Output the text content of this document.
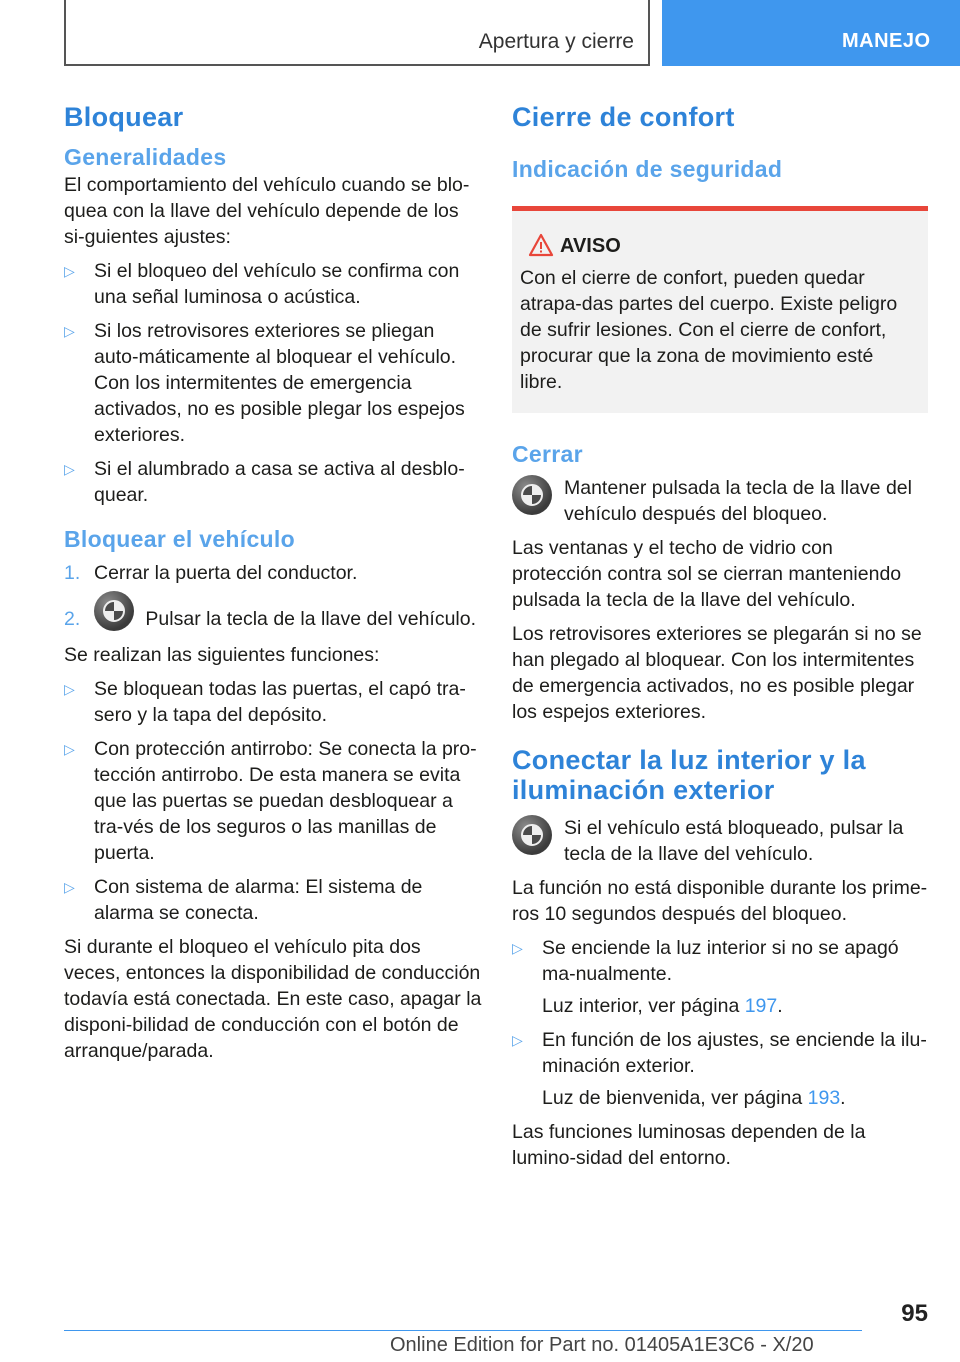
Apertura y cierre	MANEJO
Bloquear
Generalidades

El comportamiento del vehículo cuando se blo-quea con la llave del vehículo depende de los si-guientes ajustes:

▷ Si el bloqueo del vehículo se confirma con una señal luminosa o acústica.
▷ Si los retrovisores exteriores se pliegan auto-máticamente al bloquear el vehículo. Con los intermitentes de emergencia activados, no es posible plegar los espejos exteriores.
▷ Si el alumbrado a casa se activa al desblo-quear.
Bloquear el vehículo
1. Cerrar la puerta del conductor.
2.	Pulsar la tecla de la llave del vehículo.

Se realizan las siguientes funciones:

▷ Se bloquean todas las puertas, el capó tra-sero y la tapa del depósito.
▷ Con protección antirrobo: Se conecta la pro-tección antirrobo. De esta manera se evita que las puertas se puedan desbloquear a tra-vés de los seguros o las manillas de puerta.
▷ Con sistema de alarma: El sistema de alarma se conecta.

Si durante el bloqueo el vehículo pita dos veces, entonces la disponibilidad de conducción todavía está conectada. En este caso, apagar la disponi-bilidad de conducción con el botón de arranque/parada.

Cierre de confort
Indicación de seguridad
AVISO

Con el cierre de confort, pueden quedar atrapa-das partes del cuerpo. Existe peligro de sufrir lesiones. Con el cierre de confort, procurar que la zona de movimiento esté libre.

Cerrar
Mantener pulsada la tecla de la llave del vehículo después del bloqueo.

Las ventanas y el techo de vidrio con protección contra sol se cierran manteniendo pulsada la tecla de la llave del vehículo.

Los retrovisores exteriores se plegarán si no se han plegado al bloquear. Con los intermitentes de emergencia activados, no es posible plegar los espejos exteriores.

Conectar la luz interior y la iluminación exterior
Si el vehículo está bloqueado, pulsar la tecla de la llave del vehículo.

La función no está disponible durante los prime-ros 10 segundos después del bloqueo.

▷ Se enciende la luz interior si no se apagó ma-nualmente.
Luz interior, ver página 197.
▷ En función de los ajustes, se enciende la ilu-minación exterior.
Luz de bienvenida, ver página 193.

Las funciones luminosas dependen de la lumino-sidad del entorno.

95
Online Edition for Part no. 01405A1E3C6 - X/20
